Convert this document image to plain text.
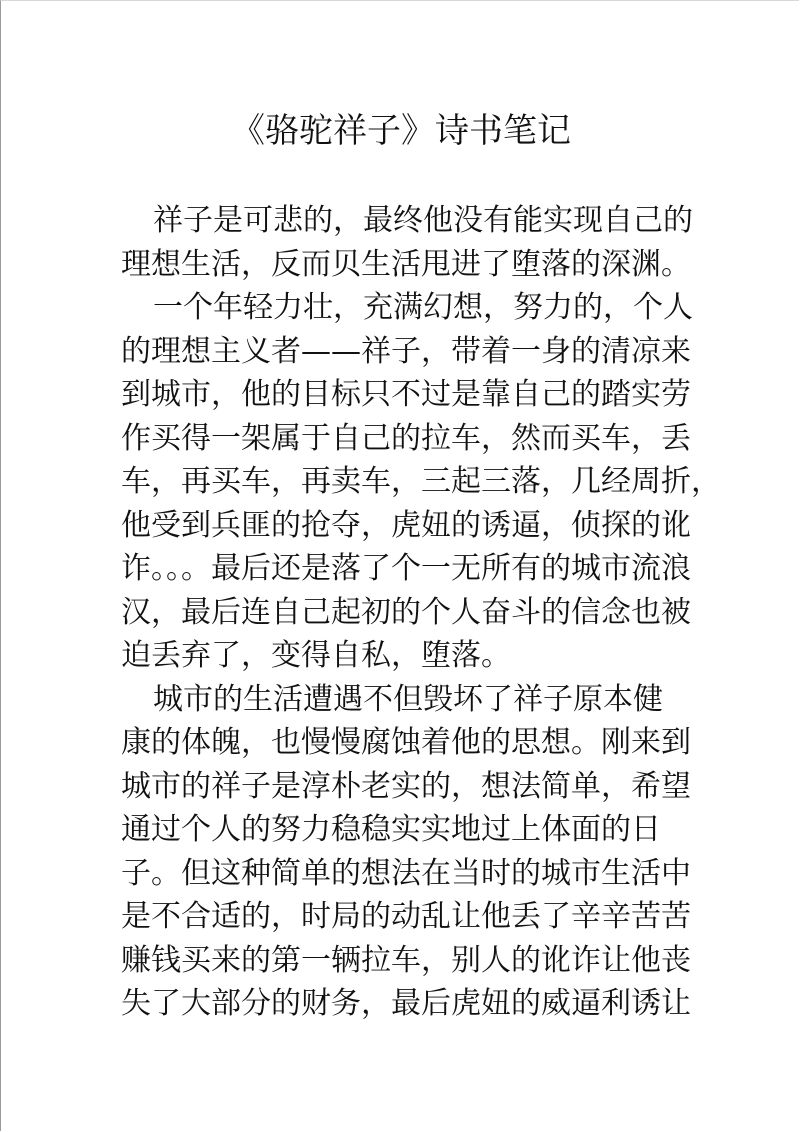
《骆驼祥子》诗书笔记
祥子是可悲的，最终他没有能实现自己的
理想生活，反而贝生活甩进了堕落的深渊。
一个年轻力壮，充满幻想，努力的，个人
的理想主义者——祥子，带着一身的清凉来
到城市，他的目标只不过是靠自己的踏实劳
作买得一架属于自己的拉车，然而买车，丢
车，再买车，再卖车，三起三落，几经周折，
他受到兵匪的抢夺，虎妞的诱逼，侦探的讹
诈。。。最后还是落了个一无所有的城市流浪
汉，最后连自己起初的个人奋斗的信念也被
迫丢弃了，变得自私，堕落。
城市的生活遭遇不但毁坏了祥子原本健
康的体魄，也慢慢腐蚀着他的思想。刚来到
城市的祥子是淳朴老实的，想法简单，希望
通过个人的努力稳稳实实地过上体面的日
子。但这种简单的想法在当时的城市生活中
是不合适的，时局的动乱让他丢了辛辛苦苦
赚钱买来的第一辆拉车，别人的讹诈让他丧
失了大部分的财务，最后虎妞的威逼利诱让
